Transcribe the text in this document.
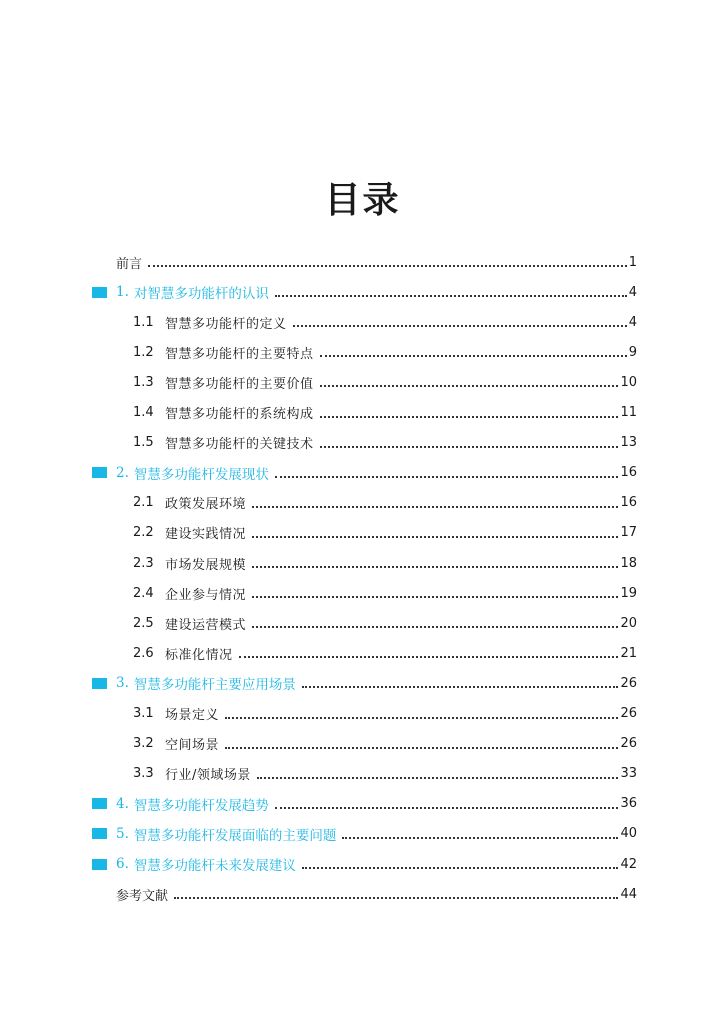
目录
前言	1
1. 对智慧多功能杆的认识	4
1.1 智慧多功能杆的定义	4
1.2 智慧多功能杆的主要特点	9
1.3 智慧多功能杆的主要价值	10
1.4 智慧多功能杆的系统构成	11
1.5 智慧多功能杆的关键技术	13
2. 智慧多功能杆发展现状	16
2.1 政策发展环境	16
2.2 建设实践情况	17
2.3 市场发展规模	18
2.4 企业参与情况	19
2.5 建设运营模式	20
2.6 标准化情况	21
3. 智慧多功能杆主要应用场景	26
3.1 场景定义	26
3.2 空间场景	26
3.3 行业/领域场景	33
4. 智慧多功能杆发展趋势	36
5. 智慧多功能杆发展面临的主要问题	40
6. 智慧多功能杆未来发展建议	42
参考文献	44
